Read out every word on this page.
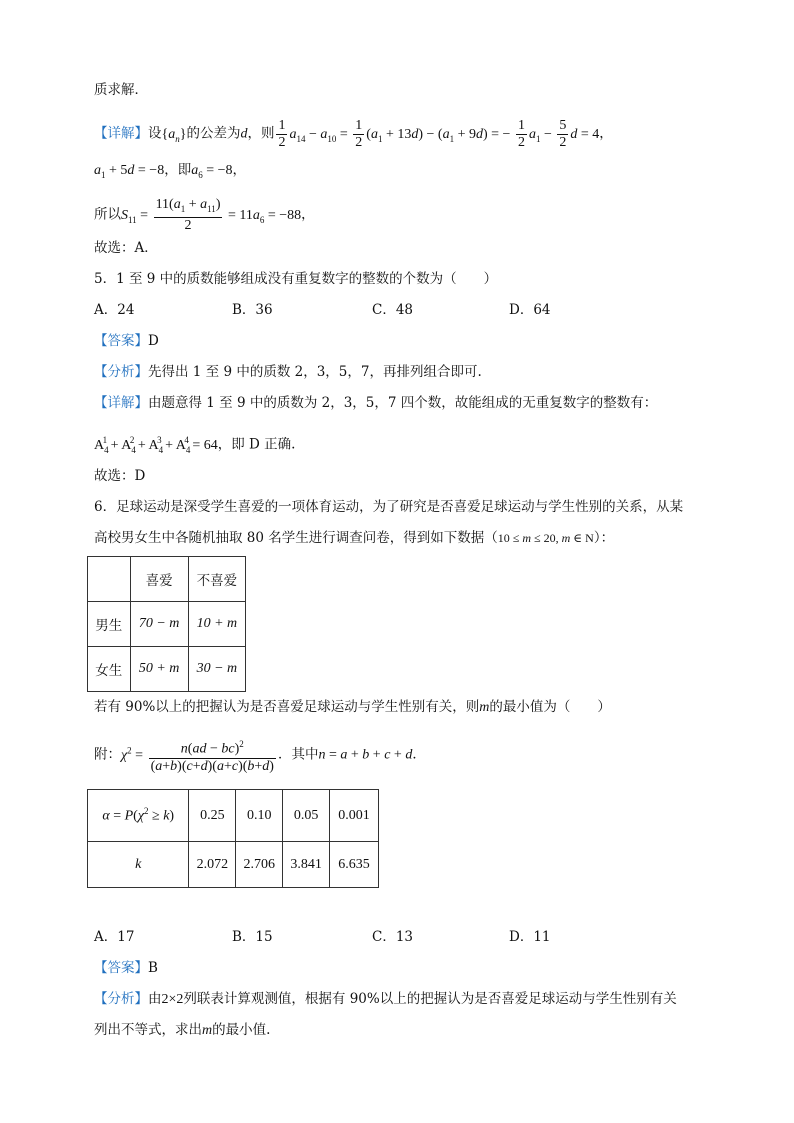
质求解．
【详解】设$\{a_n\}$的公差为d，则 $\frac{1}{2} a_{14} - a_{10} = \frac{1}{2} (a_1 + 13d) - (a_1 + 9d)$ = − $\frac{1}{2} a_1 - \frac{5}{2}$ d = 4，
$a_1 + 5d = -8$，即$a_6 = -8$，
所以$S_{11} = \frac{11(a_1 + a_{11})}{2} = 11a_6 = -88$，
故选：A．
5．1 至 9 中的质数能够组成没有重复数字的整数的个数为（　　）
A．24	B．36	C．48	D．64
【答案】D
【分析】先得出 1 至 9 中的质数 2，3，5，7，再排列组合即可.
【详解】由题意得 1 至 9 中的质数为 2，3，5，7 四个数，故能组成的无重复数字的整数有：
$A_4^1 + A_4^2 + A_4^3 + A_4^4 = 64$，即 D 正确.
故选：D
6．足球运动是深受学生喜爱的一项体育运动，为了研究是否喜爱足球运动与学生性别的关系，从某
高校男女生中各随机抽取 80 名学生进行调查问卷，得到如下数据（10 ≤ m ≤ 20, m ∈ N）：
	喜爱	不喜爱
男生	70 − m	10 + m
女生	50 + m	30 − m
若有 90%以上的把握认为是否喜爱足球运动与学生性别有关，则m的最小值为（　　）
附：$\chi^2 = \frac{n(ad - bc)^2}{(a+b)(c+d)(a+c)(b+d)}$ ．其中n = a + b + c + d．
$\alpha = P(\chi^2 \ge k)$	0.25	0.10	0.05	0.001
k	2.072	2.706	3.841	6.635
A．17	B．15	C．13	D．11
【答案】B
【分析】由2×2列联表计算观测值，根据有 90%以上的把握认为是否喜爱足球运动与学生性别有关
列出不等式，求出m的最小值.
